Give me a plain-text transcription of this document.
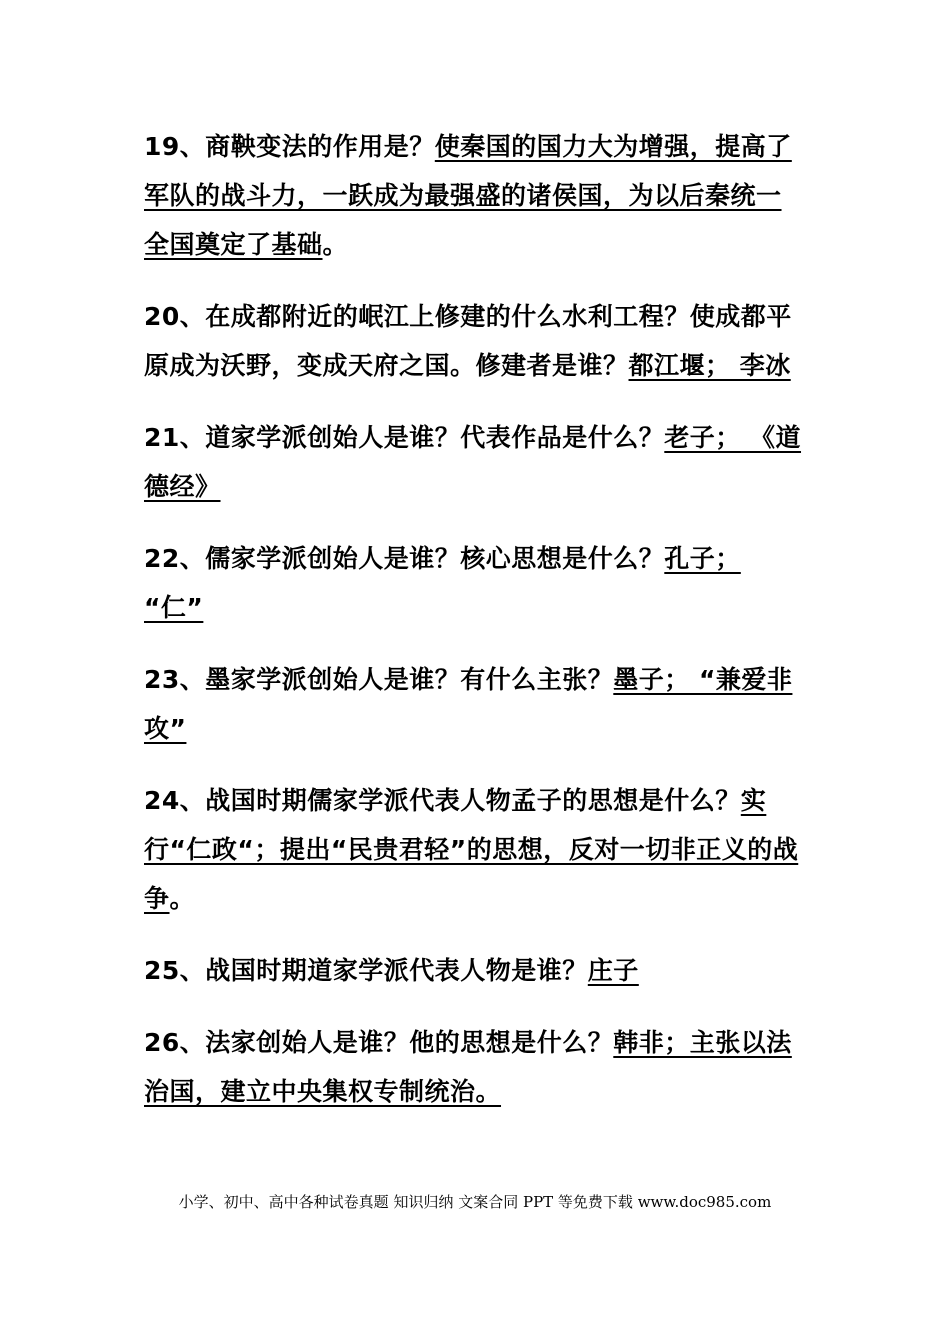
19、商鞅变法的作用是？使秦国的国力大为增强，提高了军队的战斗力，一跃成为最强盛的诸侯国，为以后秦统一全国奠定了基础。

20、在成都附近的岷江上修建的什么水利工程？使成都平原成为沃野，变成天府之国。修建者是谁？都江堰； 李冰

21、道家学派创始人是谁？代表作品是什么？老子； 《道德经》

22、儒家学派创始人是谁？核心思想是什么？孔子； “仁”

23、墨家学派创始人是谁？有什么主张？墨子； “兼爱非攻”

24、战国时期儒家学派代表人物孟子的思想是什么？实行“仁政“；提出“民贵君轻”的思想，反对一切非正义的战争。

25、战国时期道家学派代表人物是谁？庄子

26、法家创始人是谁？他的思想是什么？韩非；主张以法治国，建立中央集权专制统治。

小学、初中、高中各种试卷真题 知识归纳 文案合同 PPT 等免费下载 www.doc985.com
